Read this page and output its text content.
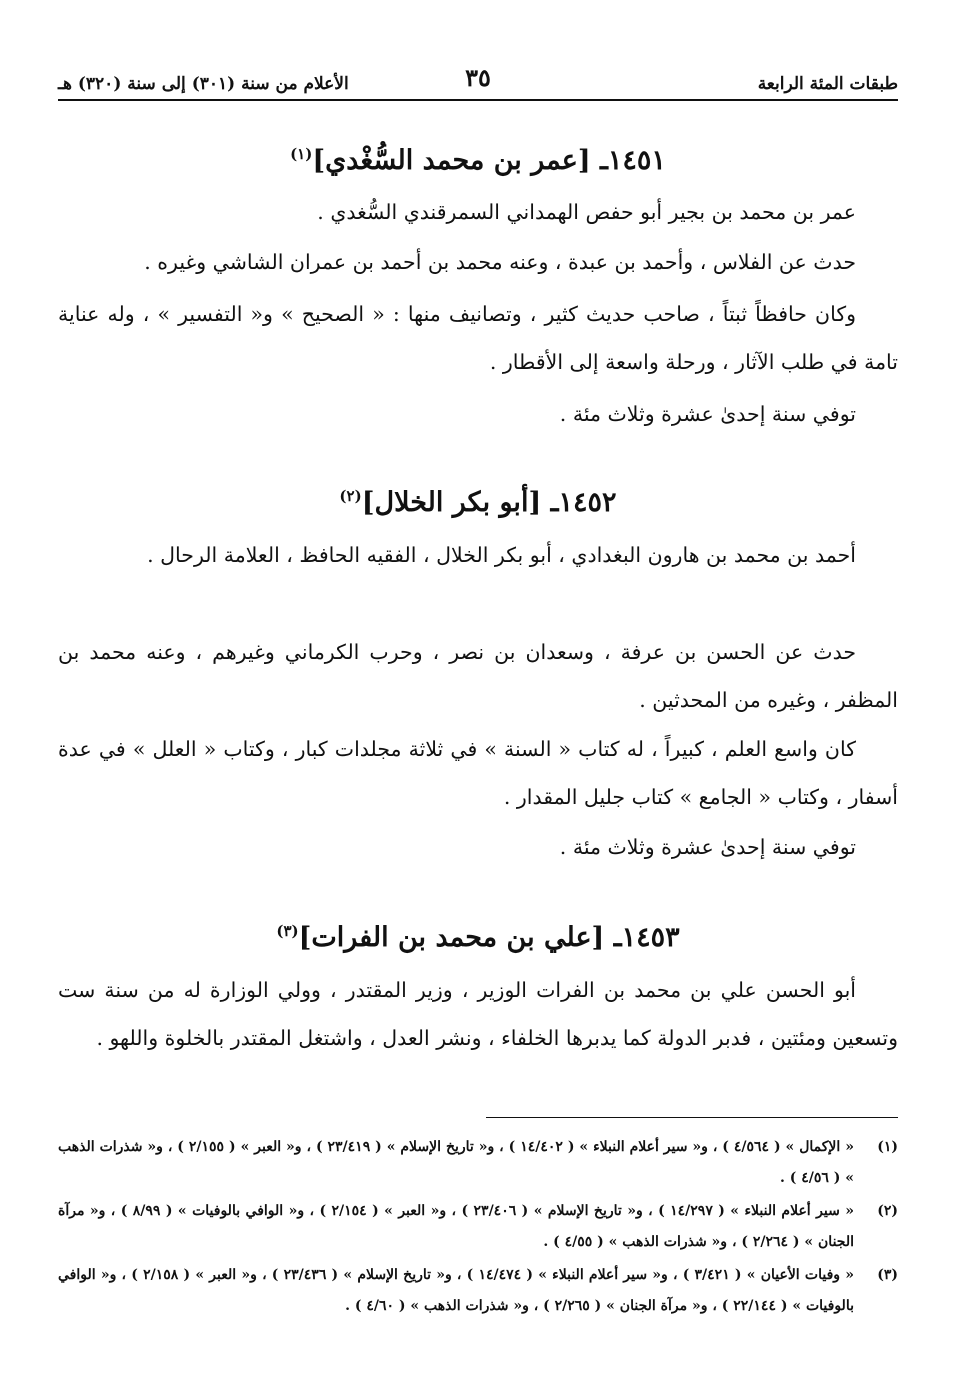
طبقات المئة الرابعة
٣٥
الأعلام من سنة (٣٠١) إلى سنة (٣٢٠) هـ
١٤٥١ـ [عمر بن محمد السُّغْدي]$^{(١)}$

عمر بن محمد بن بجير أبو حفص الهمداني السمرقندي السُّغدي .

حدث عن الفلاس ، وأحمد بن عبدة ، وعنه محمد بن أحمد بن عمران الشاشي وغيره .

وكان حافظاً ثبتاً ، صاحب حديث كثير ، وتصانيف منها : « الصحيح » و« التفسير » ، وله عناية تامة في طلب الآثار ، ورحلة واسعة إلى الأقطار .

توفي سنة إحدىٰ عشرة وثلاث مئة .

١٤٥٢ـ [أبو بكر الخلال]$^{(٢)}$

أحمد بن محمد بن هارون البغدادي ، أبو بكر الخلال ، الفقيه الحافظ ، العلامة الرحال .

حدث عن الحسن بن عرفة ، وسعدان بن نصر ، وحرب الكرماني وغيرهم ، وعنه محمد بن المظفر ، وغيره من المحدثين .

كان واسع العلم ، كبيراً ، له كتاب « السنة » في ثلاثة مجلدات كبار ، وكتاب « العلل » في عدة أسفار ، وكتاب « الجامع » كتاب جليل المقدار .

توفي سنة إحدىٰ عشرة وثلاث مئة .

١٤٥٣ـ [علي بن محمد بن الفرات]$^{(٣)}$

أبو الحسن علي بن محمد بن الفرات الوزير ، وزير المقتدر ، وولي الوزارة له من سنة ست وتسعين ومئتين ، فدبر الدولة كما يدبرها الخلفاء ، ونشر العدل ، واشتغل المقتدر بالخلوة واللهو .

(١)
« الإكمال » ( ٤/٥٦٤ ) ، و« سير أعلام النبلاء » ( ١٤/٤٠٢ ) ، و« تاريخ الإسلام » ( ٢٣/٤١٩ ) ، و« العبر » ( ٢/١٥٥ ) ، و« شذرات الذهب » ( ٤/٥٦ ) .
(٢)
« سير أعلام النبلاء » ( ١٤/٢٩٧ ) ، و« تاريخ الإسلام » ( ٢٣/٤٠٦ ) ، و« العبر » ( ٢/١٥٤ ) ، و« الوافي بالوفيات » ( ٨/٩٩ ) ، و« مرآة الجنان » ( ٢/٢٦٤ ) ، و« شذرات الذهب » ( ٤/٥٥ ) .
(٣)
« وفيات الأعيان » ( ٣/٤٢١ ) ، و« سير أعلام النبلاء » ( ١٤/٤٧٤ ) ، و« تاريخ الإسلام » ( ٢٣/٤٣٦ ) ، و« العبر » ( ٢/١٥٨ ) ، و« الوافي بالوفيات » ( ٢٢/١٤٤ ) ، و« مرآة الجنان » ( ٢/٢٦٥ ) ، و« شذرات الذهب » ( ٤/٦٠ ) .
